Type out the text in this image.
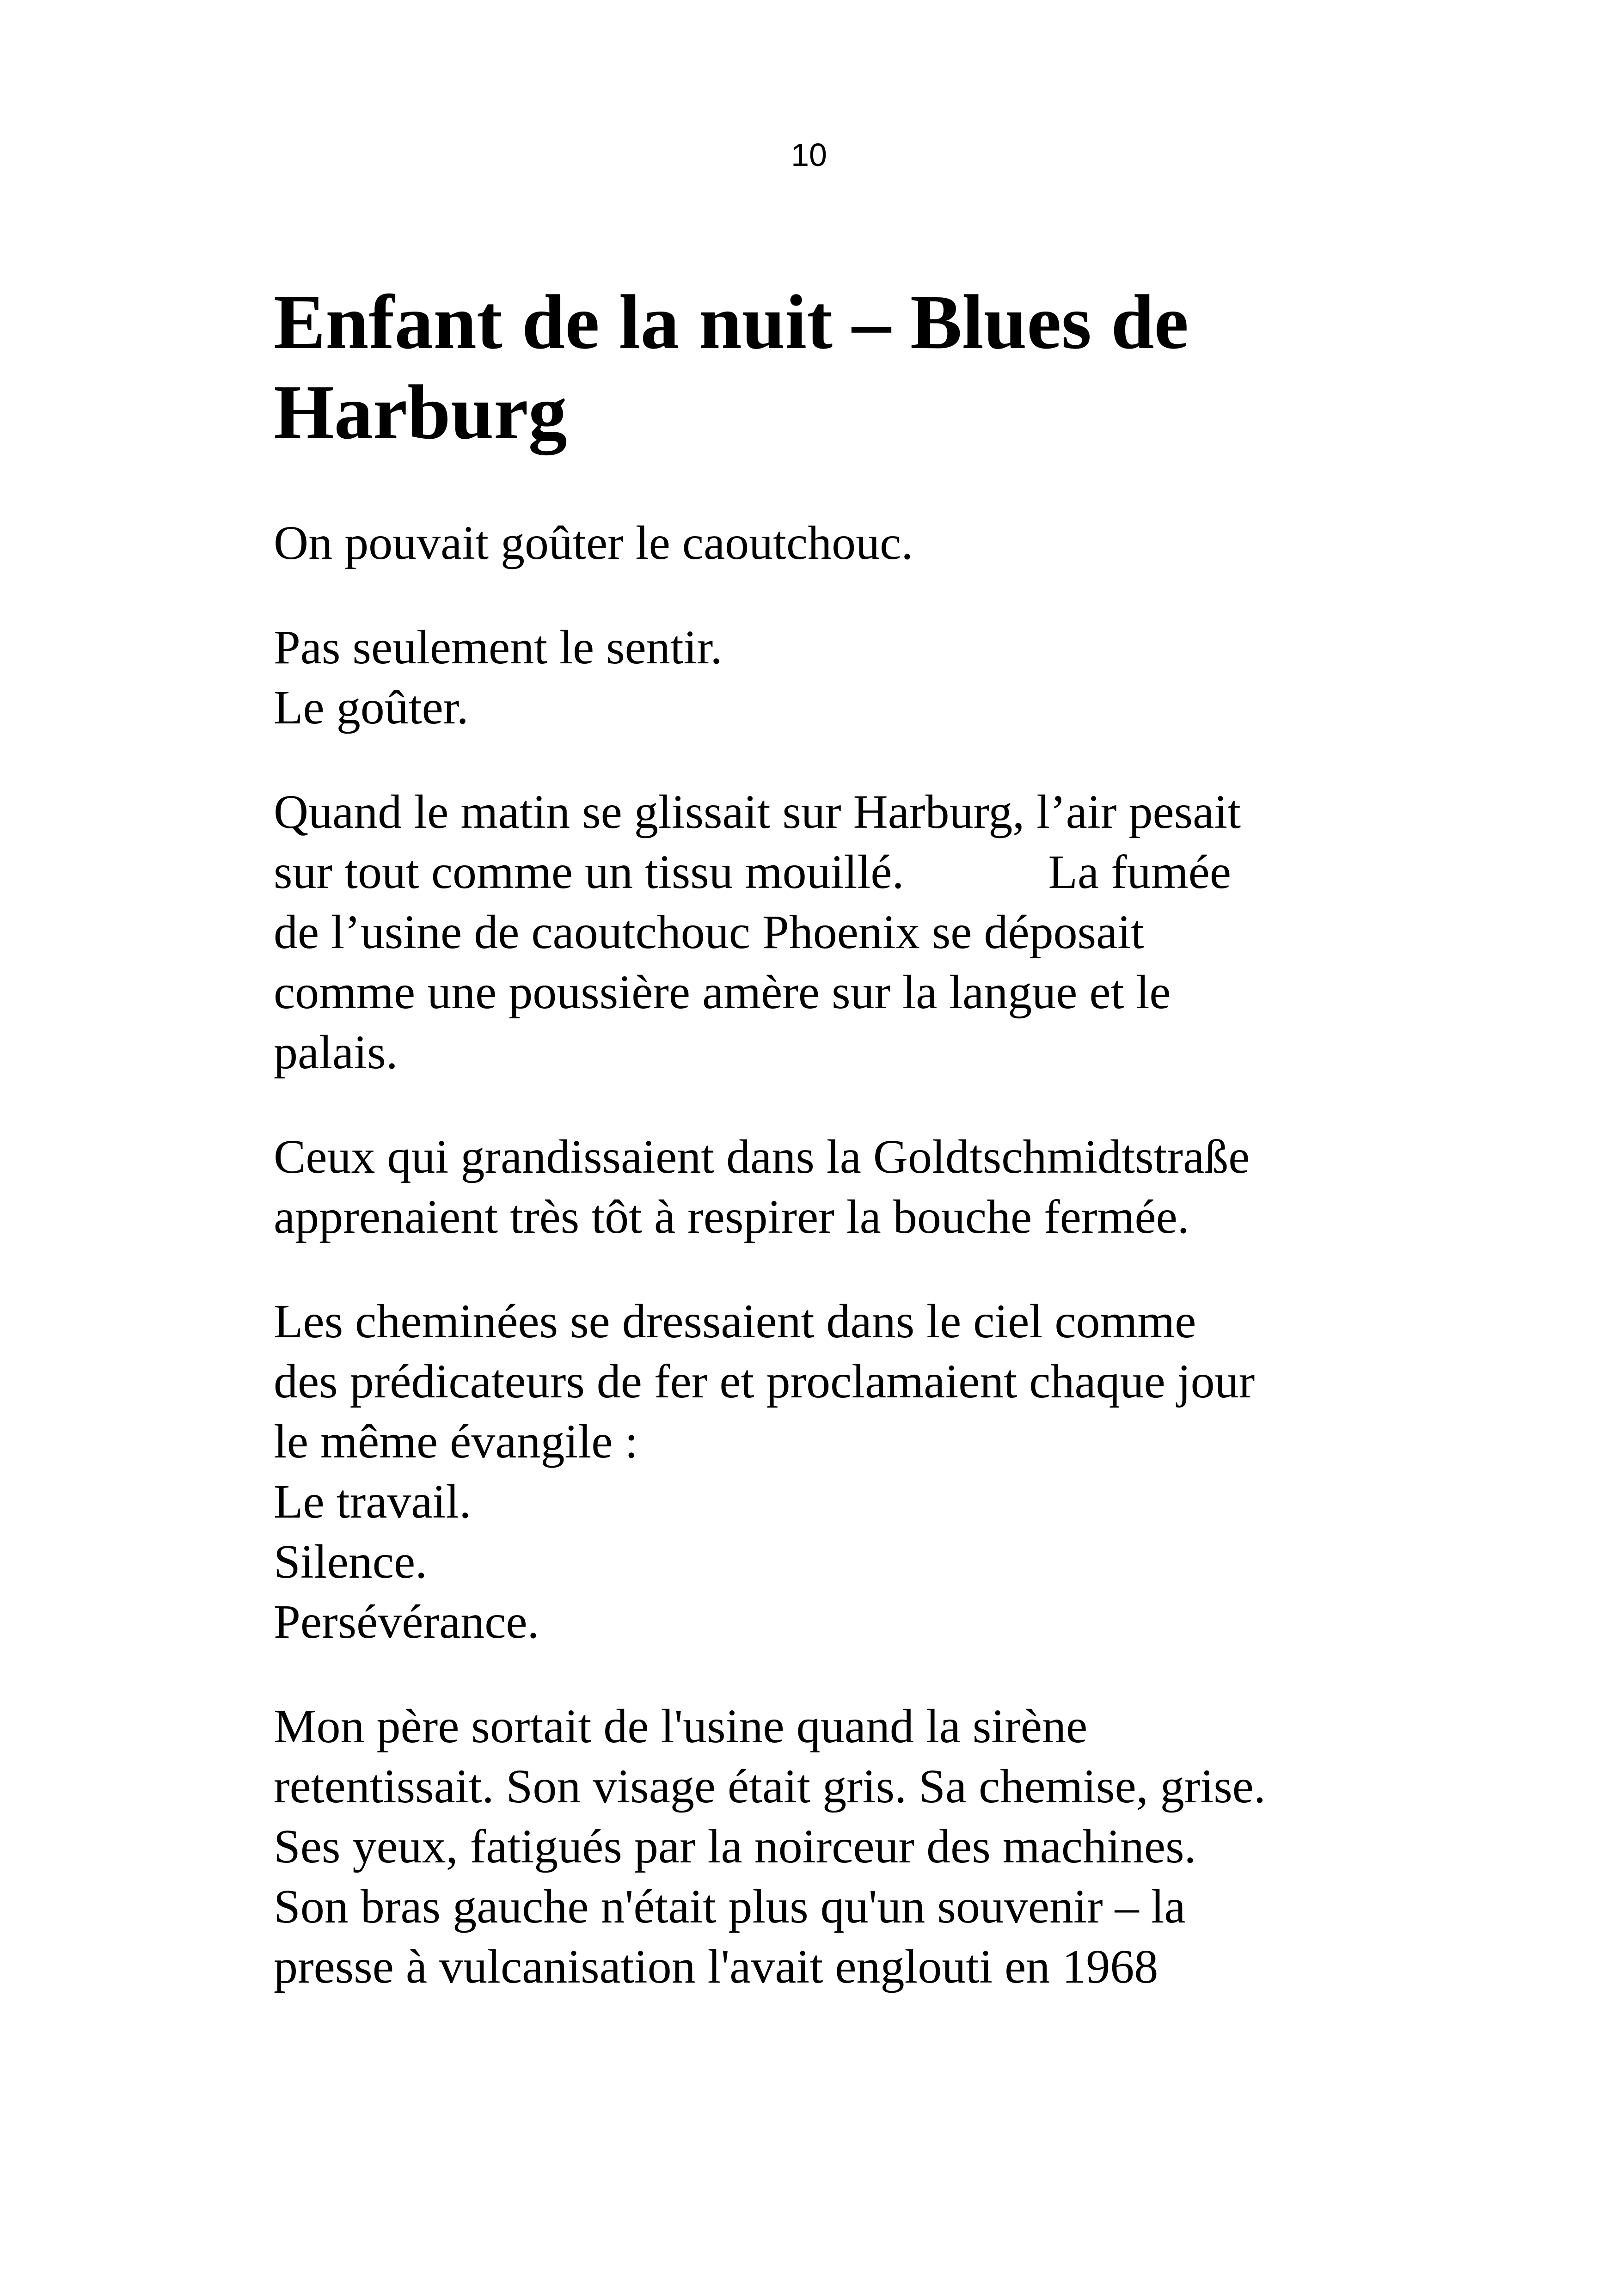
10
Enfant de la nuit – Blues de
Harburg

On pouvait goûter le caoutchouc.

Pas seulement le sentir.
Le goûter.

Quand le matin se glissait sur Harburg, l’air pesait
sur tout comme un tissu mouillé.            La fumée
de l’usine de caoutchouc Phoenix se déposait
comme une poussière amère sur la langue et le
palais.

Ceux qui grandissaient dans la Goldtschmidtstraße
apprenaient très tôt à respirer la bouche fermée.

Les cheminées se dressaient dans le ciel comme
des prédicateurs de fer et proclamaient chaque jour
le même évangile :
Le travail.
Silence.
Persévérance.

Mon père sortait de l'usine quand la sirène
retentissait. Son visage était gris. Sa chemise, grise.
Ses yeux, fatigués par la noirceur des machines.
Son bras gauche n'était plus qu'un souvenir – la
presse à vulcanisation l'avait englouti en 1968
